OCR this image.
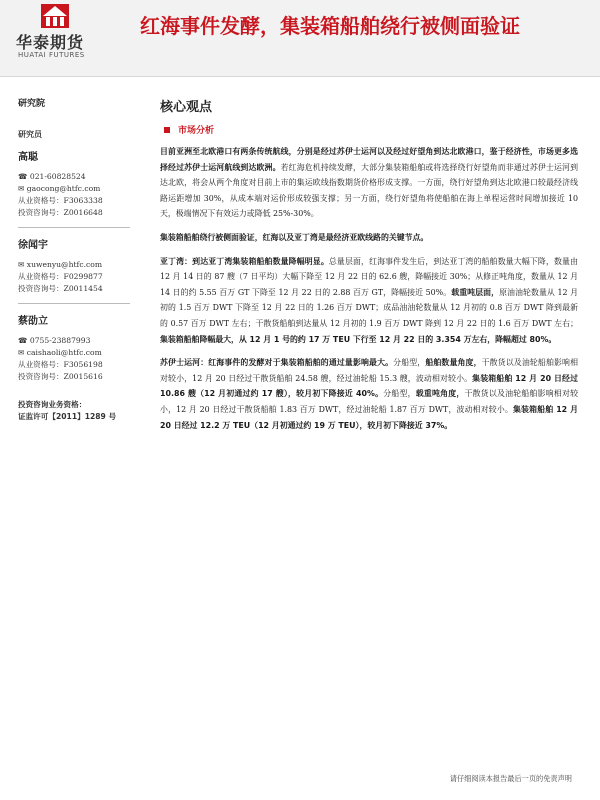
华泰期货
HUATAI FUTURES
红海事件发酵，集装箱船舶绕行被侧面验证
研究院
研究员
高聪
☎ 021-60828524
✉ gaocong@htfc.com
从业资格号：F3063338
投资咨询号：Z0016648
徐闻宇
✉ xuwenyu@htfc.com
从业资格号：F0299877
投资咨询号：Z0011454
蔡劭立
☎ 0755-23887993
✉ caishaoli@htfc.com
从业资格号：F3056198
投资咨询号：Z0015616
投资咨询业务资格：
证监许可【2011】1289 号
核心观点
市场分析

目前亚洲至北欧港口有两条传统航线，分别是经过苏伊士运河以及经过好望角到达北欧港口，鉴于经济性，市场更多选择经过苏伊士运河航线到达欧洲。若红海危机持续发酵，大部分集装箱船舶或将选择绕行好望角而非通过苏伊士运河到达北欧，将会从两个角度对目前上市的集运欧线指数期货价格形成支撑。一方面，绕行好望角到达北欧港口较最经济线路运距增加 30%，从成本端对运价形成较强支撑；另一方面，绕行好望角将使船舶在海上单程运营时间增加接近 10 天，极端情况下有效运力或降低 25%-30%。

集装箱船舶绕行被侧面验证，红海以及亚丁湾是最经济亚欧线路的关键节点。

亚丁湾：到达亚丁湾集装箱船舶数量降幅明显。总量层面，红海事件发生后，到达亚丁湾的船舶数量大幅下降，数量由 12 月 14 日的 87 艘（7 日平均）大幅下降至 12 月 22 日的 62.6 艘，降幅接近 30%；从修正吨角度，数量从 12 月 14 日的约 5.55 百万 GT 下降至 12 月 22 日的 2.88 百万 GT，降幅接近 50%。载重吨层面，原油油轮数量从 12 月初的 1.5 百万 DWT 下降至 12 月 22 日的 1.26 百万 DWT；成品油油轮数量从 12 月初的 0.8 百万 DWT 降到最新的 0.57 百万 DWT 左右；干散货船舶到达量从 12 月初的 1.9 百万 DWT 降到 12 月 22 日的 1.6 百万 DWT 左右；集装箱船舶降幅最大，从 12 月 1 号的约 17 万 TEU 下行至 12 月 22 日的 3.354 万左右，降幅超过 80%。

苏伊士运河：红海事件的发酵对于集装箱船舶的通过量影响最大。分船型，船舶数量角度，干散货以及油轮船舶影响相对较小，12 月 20 日经过干散货船舶 24.58 艘，经过油轮船 15.3 艘，波动相对较小。集装箱船舶 12 月 20 日经过 10.86 艘（12 月初通过约 17 艘），较月初下降接近 40%。分船型，载重吨角度，干散货以及油轮船舶影响相对较小，12 月 20 日经过干散货船舶 1.83 百万 DWT，经过油轮船 1.87 百万 DWT，波动相对较小。集装箱船舶 12 月 20 日经过 12.2 万 TEU（12 月初通过约 19 万 TEU），较月初下降接近 37%。

请仔细阅读本报告最后一页的免责声明
